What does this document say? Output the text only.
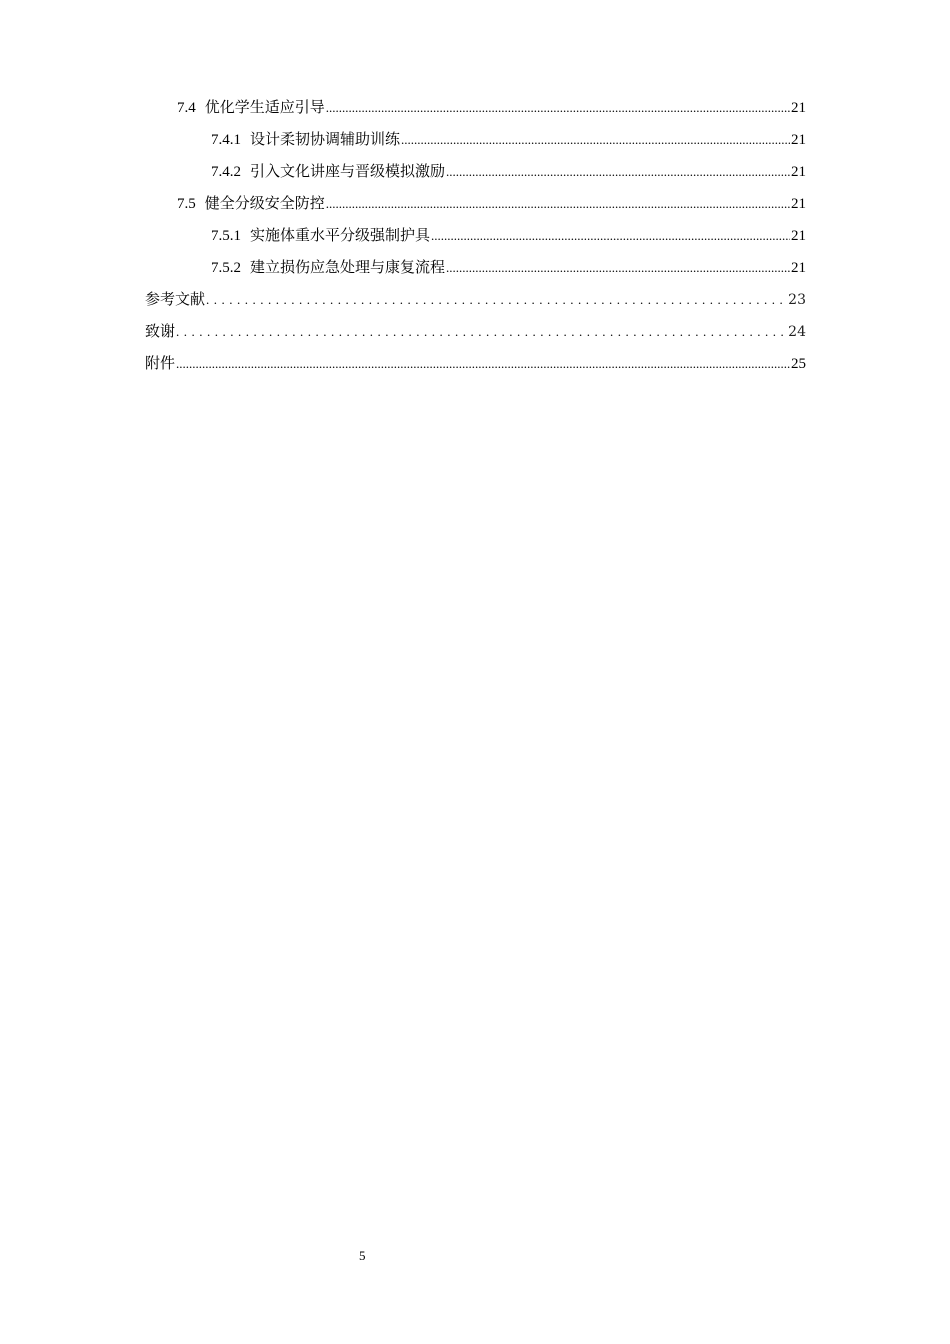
7.4 优化学生适应引导 .....	21
7.4.1 设计柔韧协调辅助训练 .....	21
7.4.2 引入文化讲座与晋级模拟激励 .....	21
7.5 健全分级安全防控 .....	21
7.5.1 实施体重水平分级强制护具 .....	21
7.5.2 建立损伤应急处理与康复流程 .....	21
参考文献 .....	23
致谢 .....	24
附件 .....	25
5
